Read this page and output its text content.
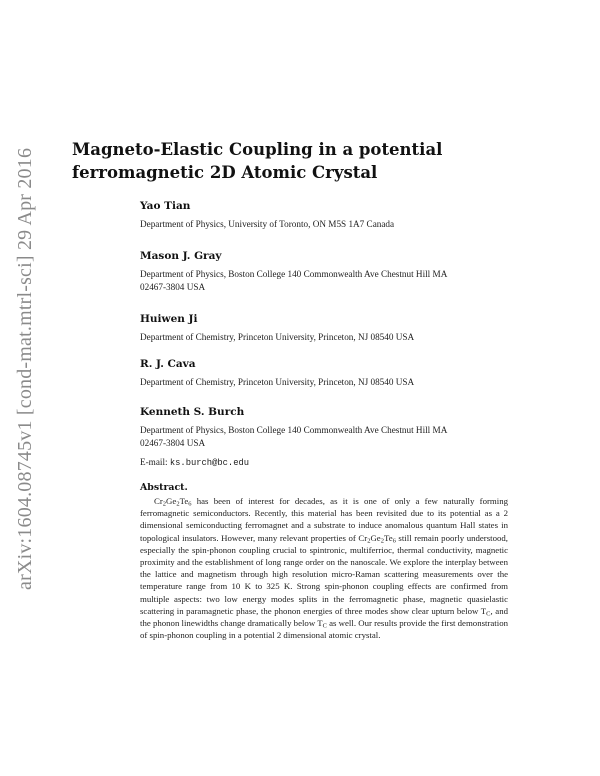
arXiv:1604.08745v1 [cond-mat.mtrl-sci] 29 Apr 2016 Magneto-Elastic Coupling in a potential
ferromagnetic 2D Atomic Crystal
Yao Tian
Department of Physics, University of Toronto, ON M5S 1A7 Canada
Mason J. Gray
Department of Physics, Boston College 140 Commonwealth Ave Chestnut Hill MA
02467-3804 USA
Huiwen Ji
Department of Chemistry, Princeton University, Princeton, NJ 08540 USA
R. J. Cava
Department of Chemistry, Princeton University, Princeton, NJ 08540 USA
Kenneth S. Burch
Department of Physics, Boston College 140 Commonwealth Ave Chestnut Hill MA
02467-3804 USA
E-mail: ks.burch@bc.edu
Abstract.

$Cr_2Ge_2Te_6$ has been of interest for decades, as it is one of only a few naturally forming ferromagnetic semiconductors. Recently, this material has been revisited due to its potential as a 2 dimensional semiconducting ferromagnet and a substrate to induce anomalous quantum Hall states in topological insulators. However, many relevant properties of $Cr_2Ge_2Te_6$ still remain poorly understood, especially the spin-phonon coupling crucial to spintronic, multiferrioc, thermal conductivity, magnetic proximity and the establishment of long range order on the nanoscale. We explore the interplay between the lattice and magnetism through high resolution micro-Raman scattering measurements over the temperature range from 10 K to 325 K. Strong spin-phonon coupling effects are confirmed from multiple aspects: two low energy modes splits in the ferromagnetic phase, magnetic quasielastic scattering in paramagnetic phase, the phonon energies of three modes show clear upturn below $T_C$, and the phonon linewidths change dramatically below $T_C$ as well. Our results provide the first demonstration of spin-phonon coupling in a potential 2 dimensional atomic crystal.
